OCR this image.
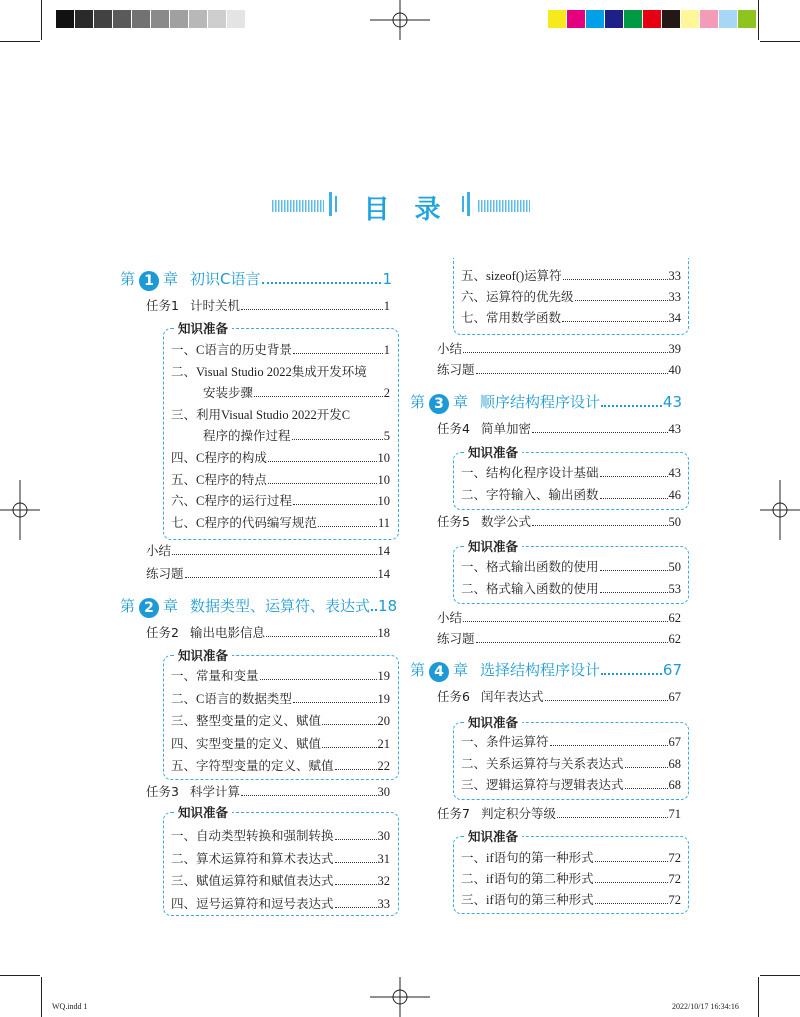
目 录
第 1 章 初识C语言	1
任务1 计时关机	1
知识准备
一、C语言的历史背景	1
二、Visual Studio 2022集成开发环境
安装步骤	2
三、利用Visual Studio 2022开发C
程序的操作过程	5
四、C程序的构成	10
五、C程序的特点	10
六、C程序的运行过程	10
七、C程序的代码编写规范	11
小结	14
练习题	14
第 2 章 数据类型、运算符、表达式 18
任务2 输出电影信息	18
知识准备
一、常量和变量	19
二、C语言的数据类型	19
三、整型变量的定义、赋值	20
四、实型变量的定义、赋值	21
五、字符型变量的定义、赋值	22
任务3 科学计算	30
知识准备
一、自动类型转换和强制转换	30
二、算术运算符和算术表达式	31
三、赋值运算符和赋值表达式	32
四、逗号运算符和逗号表达式	33
五、sizeof()运算符	33
六、运算符的优先级	33
七、常用数学函数	34
小结	39
练习题	40
第 3 章 顺序结构程序设计	43
任务4 简单加密	43
知识准备
一、结构化程序设计基础	43
二、字符输入、输出函数	46
任务5 数学公式	50
知识准备
一、格式输出函数的使用	50
二、格式输入函数的使用	53
小结	62
练习题	62
第 4 章 选择结构程序设计	67
任务6 闰年表达式	67
知识准备
一、条件运算符	67
二、关系运算符与关系表达式	68
三、逻辑运算符与逻辑表达式	68
任务7 判定积分等级	71
知识准备
一、if语句的第一种形式	72
二、if语句的第二种形式	72
三、if语句的第三种形式	72
WQ.indd 1	2022/10/17 16:34:16
